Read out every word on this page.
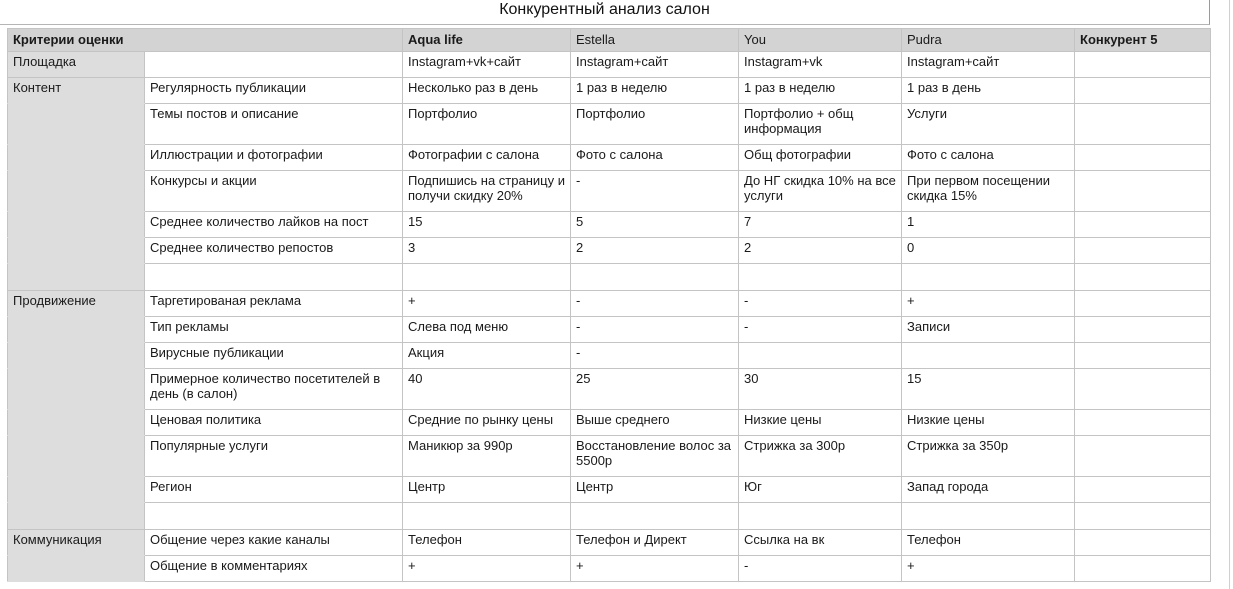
Конкурентный анализ салон
Критерии оценки		Aqua life	Estella	You	Pudra	Конкурент 5
Площадка		Instagram+vk+сайт	Instagram+сайт	Instagram+vk	Instagram+сайт	
Контент	Регулярность публикации	Несколько раз в день	1 раз в неделю	1 раз в неделю	1 раз в день	
	Темы постов и описание	Портфолио	Портфолио	Портфолио + общ информация	Услуги	
	Иллюстрации и фотографии	Фотографии с салона	Фото с салона	Общ фотографии	Фото с салона	
	Конкурсы и акции	Подпишись на страницу и получи скидку 20%	-	До НГ скидка 10% на все услуги	При первом посещении скидка 15%	
	Среднее количество лайков на пост	15	5	7	1	
	Среднее количество репостов	3	2	2	0	

Продвижение	Таргетированая реклама	+	-	-	+	
	Тип рекламы	Слева под меню	-	-	Записи	
	Вирусные публикации	Акция	-			
	Примерное количество посетителей в день (в салон)	40	25	30	15	
	Ценовая политика	Средние по рынку цены	Выше среднего	Низкие цены	Низкие цены	
	Популярные услуги	Маникюр за 990р	Восстановление волос за 5500р	Стрижка за 300р	Стрижка за 350р	
	Регион	Центр	Центр	Юг	Запад города	

Коммуникация	Общение через какие каналы	Телефон	Телефон и Директ	Ссылка на вк	Телефон	
	Общение в комментариях	+	+	-	+	
